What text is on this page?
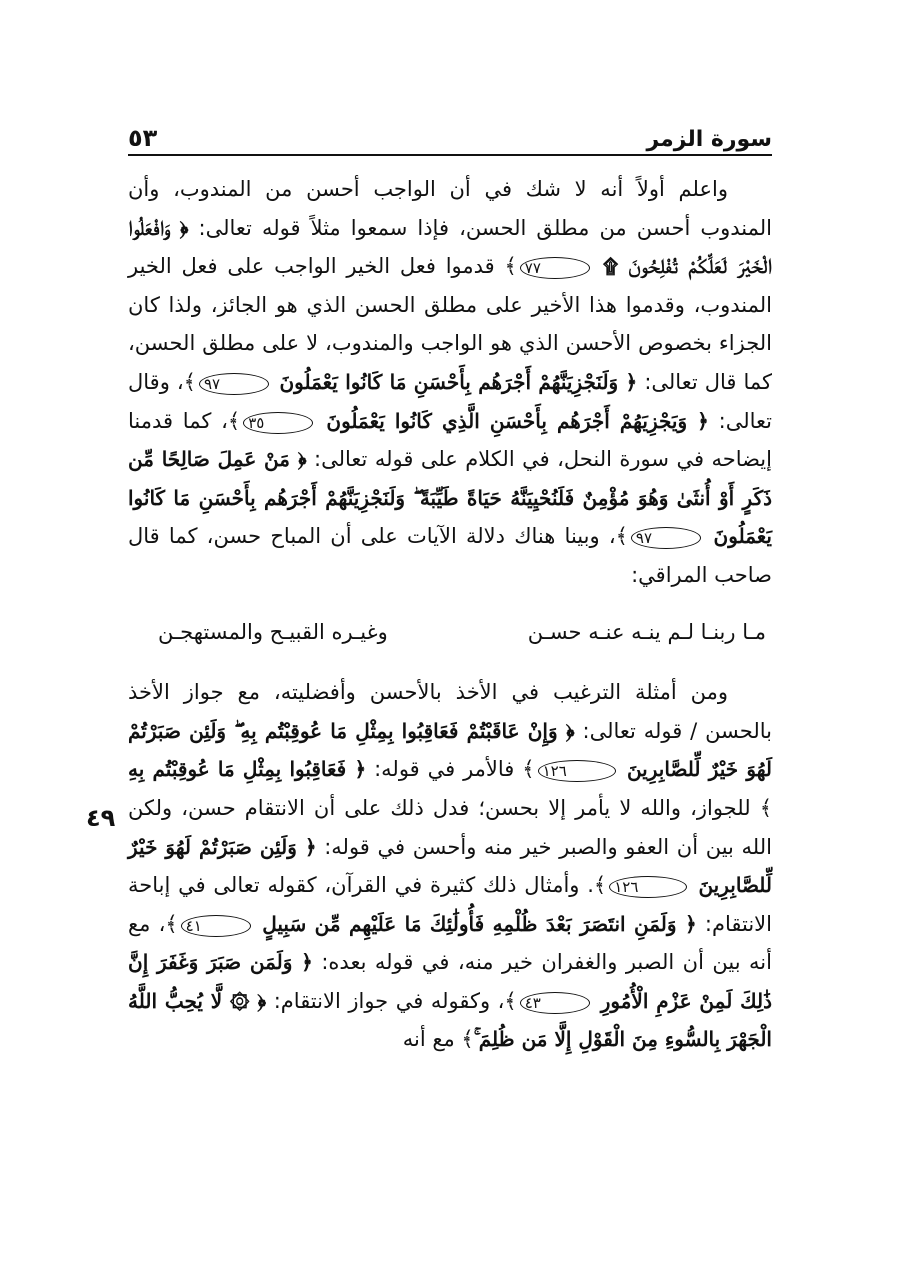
سورة الزمر
٥٣
٤٩

واعلم أولاً أنه لا شك في أن الواجب أحسن من المندوب، وأن المندوب أحسن من مطلق الحسن، فإذا سمعوا مثلاً قوله تعالى: ﴿ وَافْعَلُوا الْخَيْرَ لَعَلَّكُمْ تُفْلِحُونَ ۩ ٧٧﴾ قدموا فعل الخير الواجب على فعل الخير المندوب، وقدموا هذا الأخير على مطلق الحسن الذي هو الجائز، ولذا كان الجزاء بخصوص الأحسن الذي هو الواجب والمندوب، لا على مطلق الحسن، كما قال تعالى: ﴿ وَلَنَجْزِيَنَّهُمْ أَجْرَهُم بِأَحْسَنِ مَا كَانُوا يَعْمَلُونَ ٩٧﴾، وقال تعالى: ﴿ وَيَجْزِيَهُمْ أَجْرَهُم بِأَحْسَنِ الَّذِي كَانُوا يَعْمَلُونَ ٣٥﴾، كما قدمنا إيضاحه في سورة النحل، في الكلام على قوله تعالى: ﴿ مَنْ عَمِلَ صَالِحًا مِّن ذَكَرٍ أَوْ أُنثَىٰ وَهُوَ مُؤْمِنٌ فَلَنُحْيِيَنَّهُ حَيَاةً طَيِّبَةً ۖ وَلَنَجْزِيَنَّهُمْ أَجْرَهُم بِأَحْسَنِ مَا كَانُوا يَعْمَلُونَ ٩٧﴾، وبينا هناك دلالة الآيات على أن المباح حسن، كما قال صاحب المراقي:

مـا ربنـا لـم ينـه عنـه حسـن
وغيـره القبيـح والمستهجـن

ومن أمثلة الترغيب في الأخذ بالأحسن وأفضليته، مع جواز الأخذ بالحسن / قوله تعالى: ﴿ وَإِنْ عَاقَبْتُمْ فَعَاقِبُوا بِمِثْلِ مَا عُوقِبْتُم بِهِ ۖ وَلَئِن صَبَرْتُمْ لَهُوَ خَيْرٌ لِّلصَّابِرِينَ ١٢٦﴾ فالأمر في قوله: ﴿ فَعَاقِبُوا بِمِثْلِ مَا عُوقِبْتُم بِهِ ﴾ للجواز، والله لا يأمر إلا بحسن؛ فدل ذلك على أن الانتقام حسن، ولكن الله بين أن العفو والصبر خير منه وأحسن في قوله: ﴿ وَلَئِن صَبَرْتُمْ لَهُوَ خَيْرٌ لِّلصَّابِرِينَ ١٢٦﴾. وأمثال ذلك كثيرة في القرآن، كقوله تعالى في إباحة الانتقام: ﴿ وَلَمَنِ انتَصَرَ بَعْدَ ظُلْمِهِ فَأُولَٰئِكَ مَا عَلَيْهِم مِّن سَبِيلٍ ٤١﴾، مع أنه بين أن الصبر والغفران خير منه، في قوله بعده: ﴿ وَلَمَن صَبَرَ وَغَفَرَ إِنَّ ذَٰلِكَ لَمِنْ عَزْمِ الْأُمُورِ ٤٣﴾، وكقوله في جواز الانتقام: ﴿ ۞ لَّا يُحِبُّ اللَّهُ الْجَهْرَ بِالسُّوءِ مِنَ الْقَوْلِ إِلَّا مَن ظُلِمَ ۚ﴾ مع أنه
